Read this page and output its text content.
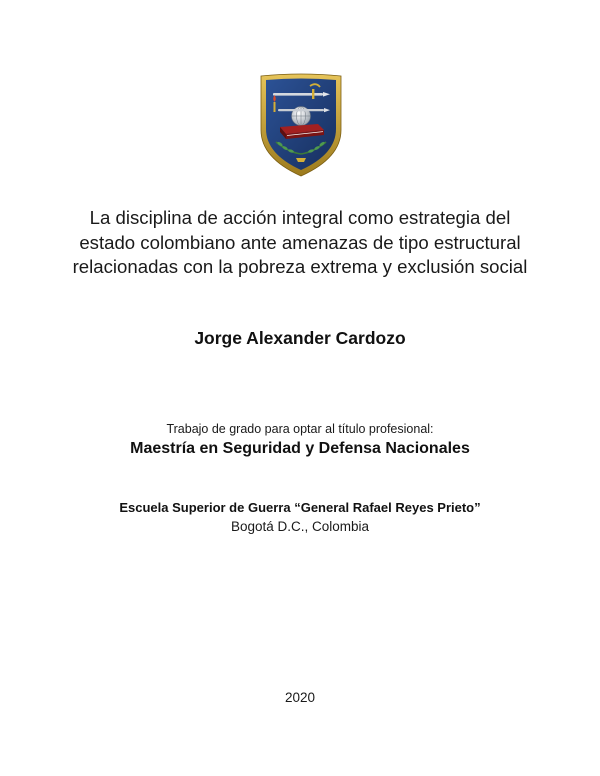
La disciplina de acción integral como estrategia del estado colombiano ante amenazas de tipo estructural relacionadas con la pobreza extrema y exclusión social

Jorge Alexander Cardozo

Trabajo de grado para optar al título profesional:

Maestría en Seguridad y Defensa Nacionales

Escuela Superior de Guerra “General Rafael Reyes Prieto”

Bogotá D.C., Colombia

2020
